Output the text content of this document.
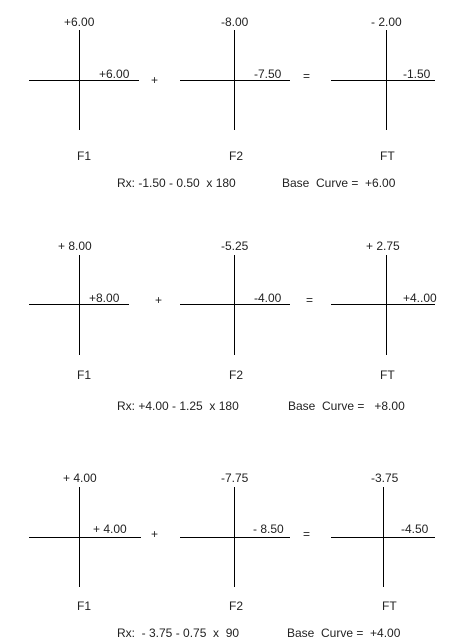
+6.00
+6.00 +
-8.00
-7.50 =
- 2.00
-1.50
F1	F2	FT
Rx: -1.50 - 0.50  x 180	Base  Curve =  +6.00
+ 8.00
+8.00	+
-5.25
-4.00 =
+ 2.75
+4..00
F1	F2	FT
Rx: +4.00 - 1.25  x 180	Base  Curve =   +8.00
+ 4.00
+ 4.00 +
-7.75
- 8.50 =
-3.75
-4.50
F1	F2	FT
Rx:  - 3.75 - 0.75  x  90	Base  Curve =  +4.00
